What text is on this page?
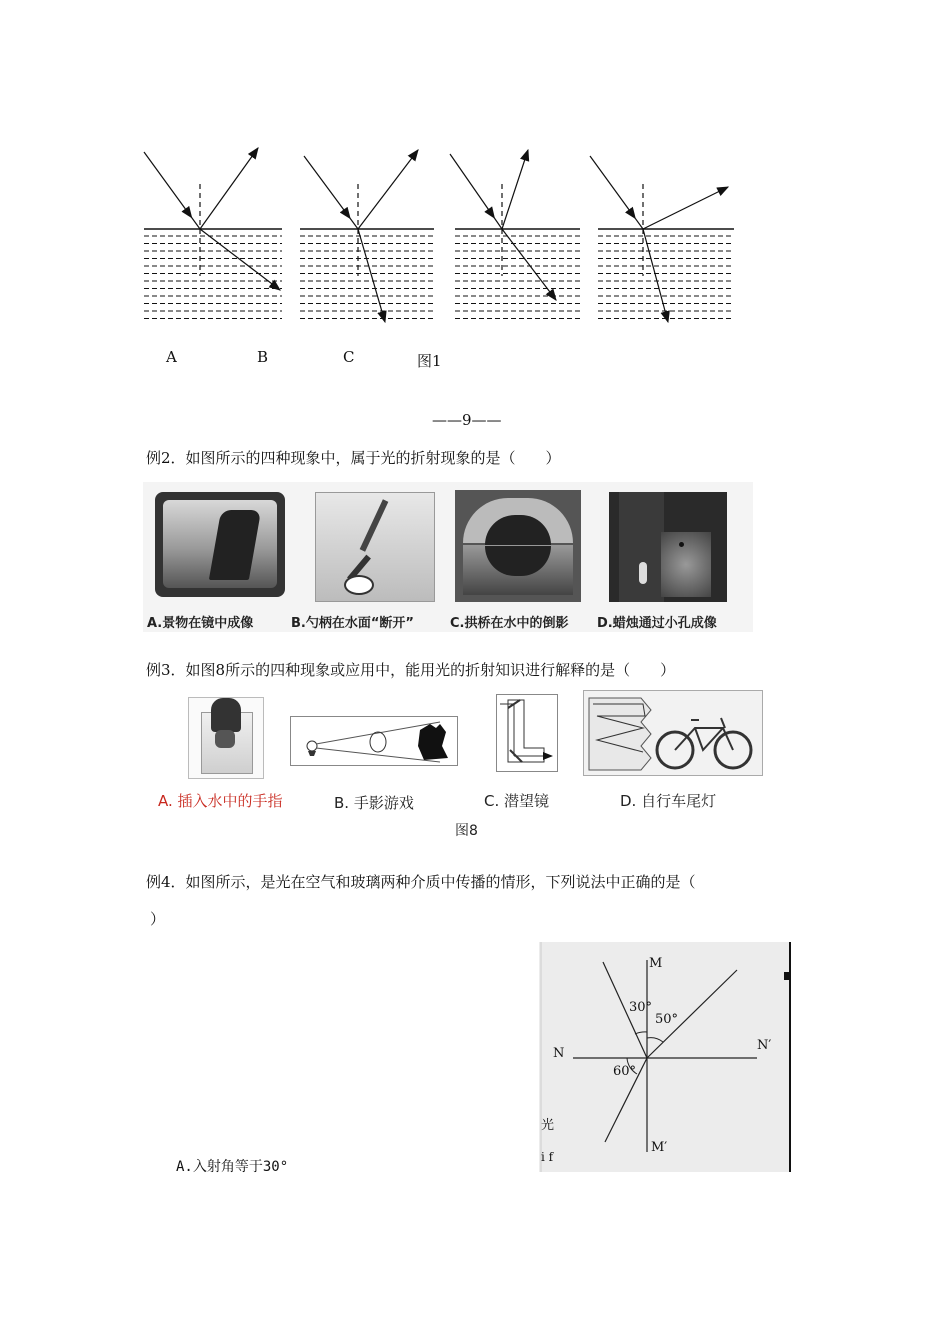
A	B	C	图1
——9——
例2．如图所示的四种现象中，属于光的折射现象的是（　　）
A.景物在镜中成像	B.勺柄在水面“断开”	C.拱桥在水中的倒影 D.蜡烛通过小孔成像
例3．如图8所示的四种现象或应用中，能用光的折射知识进行解释的是（　　）
A. 插入水中的手指	B. 手影游戏	C. 潜望镜	D. 自行车尾灯
图8
例4．如图所示，是光在空气和玻璃两种介质中传播的情形，下列说法中正确的是（
）
M
M′
N
N′
30°
50°
60°
光
i f
A.入射角等于30°
